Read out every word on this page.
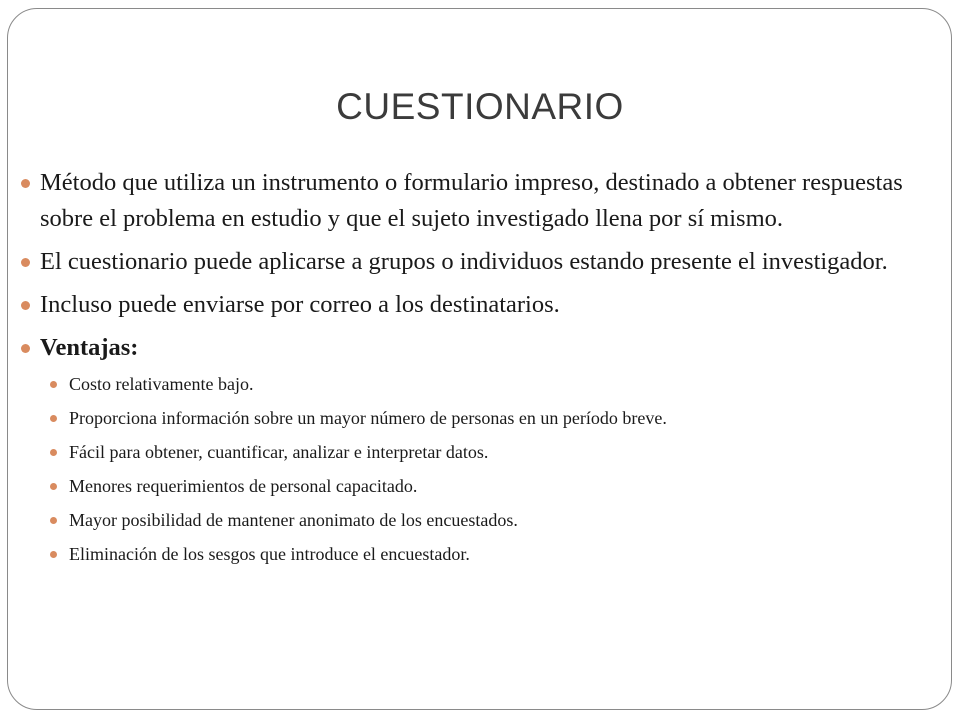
CUESTIONARIO
Método que utiliza un instrumento o formulario impreso, destinado a obtener respuestas sobre el problema en estudio y que el sujeto investigado llena por sí mismo.
El cuestionario puede aplicarse a grupos o individuos estando presente el investigador.
Incluso puede enviarse por correo a los destinatarios.
Ventajas:
Costo relativamente bajo.
Proporciona información sobre un mayor número de personas en un período breve.
Fácil para obtener, cuantificar, analizar e interpretar datos.
Menores requerimientos de personal capacitado.
Mayor posibilidad de mantener anonimato de los encuestados.
Eliminación de los sesgos que introduce el encuestador.
